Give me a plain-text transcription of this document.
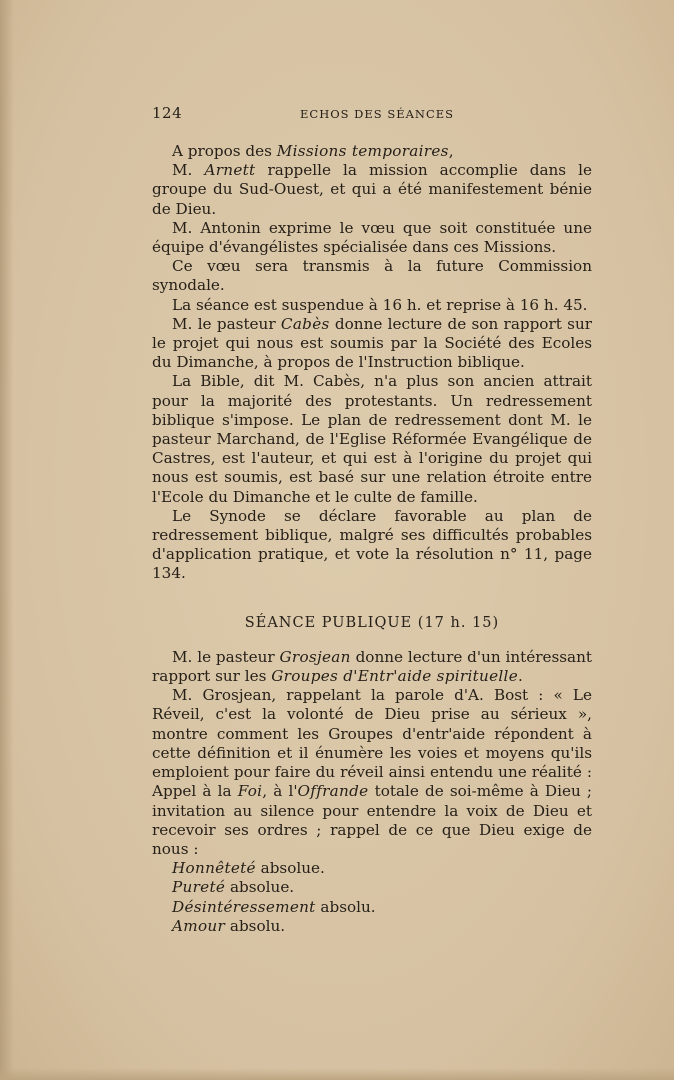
124	ECHOS DES SÉANCES

A propos des Missions temporaires,

M. Arnett rappelle la mission accomplie dans le groupe du Sud-Ouest, et qui a été manifestement bénie de Dieu.

M. Antonin exprime le vœu que soit constituée une équipe d'évangélistes spécialisée dans ces Missions.

Ce vœu sera transmis à la future Commission synodale.

La séance est suspendue à 16 h. et reprise à 16 h. 45.

M. le pasteur Cabès donne lecture de son rapport sur le projet qui nous est soumis par la Société des Ecoles du Dimanche, à propos de l'Instruction biblique.

La Bible, dit M. Cabès, n'a plus son ancien attrait pour la majorité des protestants. Un redressement biblique s'impose. Le plan de redressement dont M. le pasteur Marchand, de l'Eglise Réformée Evangélique de Castres, est l'auteur, et qui est à l'origine du projet qui nous est soumis, est basé sur une relation étroite entre l'Ecole du Dimanche et le culte de famille.

Le Synode se déclare favorable au plan de redressement biblique, malgré ses difficultés probables d'application pratique, et vote la résolution n° 11, page 134.

SÉANCE PUBLIQUE (17 h. 15)

M. le pasteur Grosjean donne lecture d'un intéressant rapport sur les Groupes d'Entr'aide spirituelle.

M. Grosjean, rappelant la parole d'A. Bost : « Le Réveil, c'est la volonté de Dieu prise au sérieux », montre comment les Groupes d'entr'aide répondent à cette définition et il énumère les voies et moyens qu'ils emploient pour faire du réveil ainsi entendu une réalité : Appel à la Foi, à l'Offrande totale de soi-même à Dieu ; invitation au silence pour entendre la voix de Dieu et recevoir ses ordres ; rappel de ce que Dieu exige de nous :

Honnêteté absolue.
Pureté absolue.
Désintéressement absolu.
Amour absolu.
